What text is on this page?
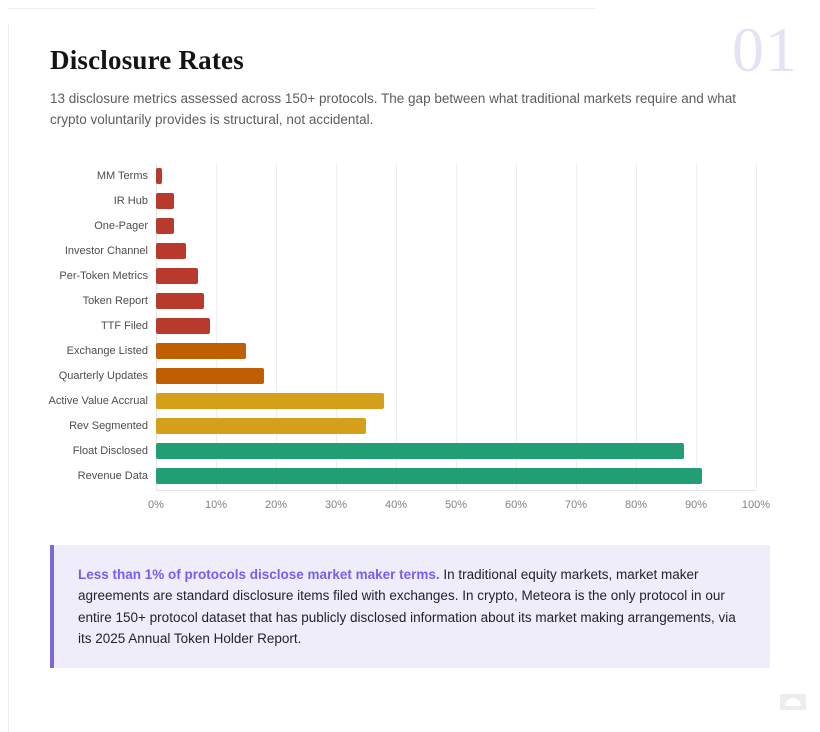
01
Disclosure Rates

13 disclosure metrics assessed across 150+ protocols. The gap between what traditional markets require and what crypto voluntarily provides is structural, not accidental.

MM Terms
IR Hub
One-Pager
Investor Channel
Per-Token Metrics
Token Report
TTF Filed
Exchange Listed
Quarterly Updates
Active Value Accrual
Rev Segmented
Float Disclosed
Revenue Data
0%	10%	20%	30%	40%	50%	60%	70%	80%	90%	100%

Less than 1% of protocols disclose market maker terms. In traditional equity markets, market maker agreements are standard disclosure items filed with exchanges. In crypto, Meteora is the only protocol in our entire 150+ protocol dataset that has publicly disclosed information about its market making arrangements, via its 2025 Annual Token Holder Report.
